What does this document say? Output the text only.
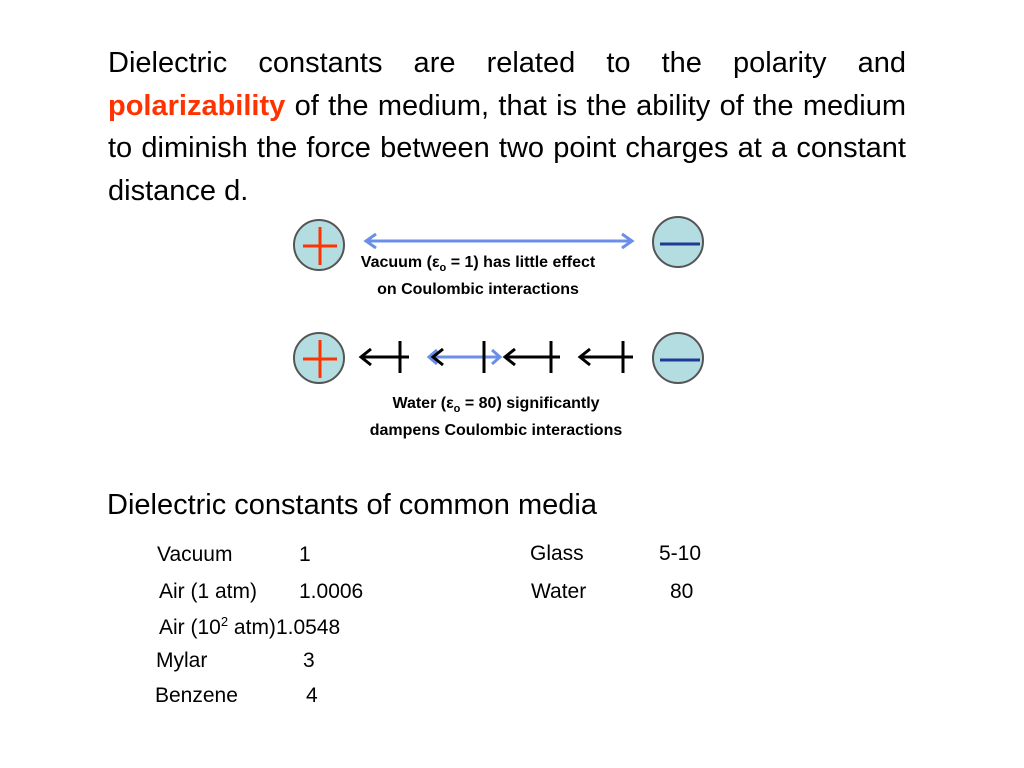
Dielectric constants are related to the polarity and polarizability of the medium, that is the ability of the medium to diminish the force between two point charges at a constant distance d.
Vacuum $(\varepsilon_o = 1)$ has little effect on Coulombic interactions
Water $(\varepsilon_o = 80)$ significantly dampens Coulombic interactions
Dielectric constants of common media
Vacuum	1
Air (1 atm) 1.0006
Air ($10^2$ atm)1.0548
Mylar	3
Benzene	4
Glass	5-10
Water	80
